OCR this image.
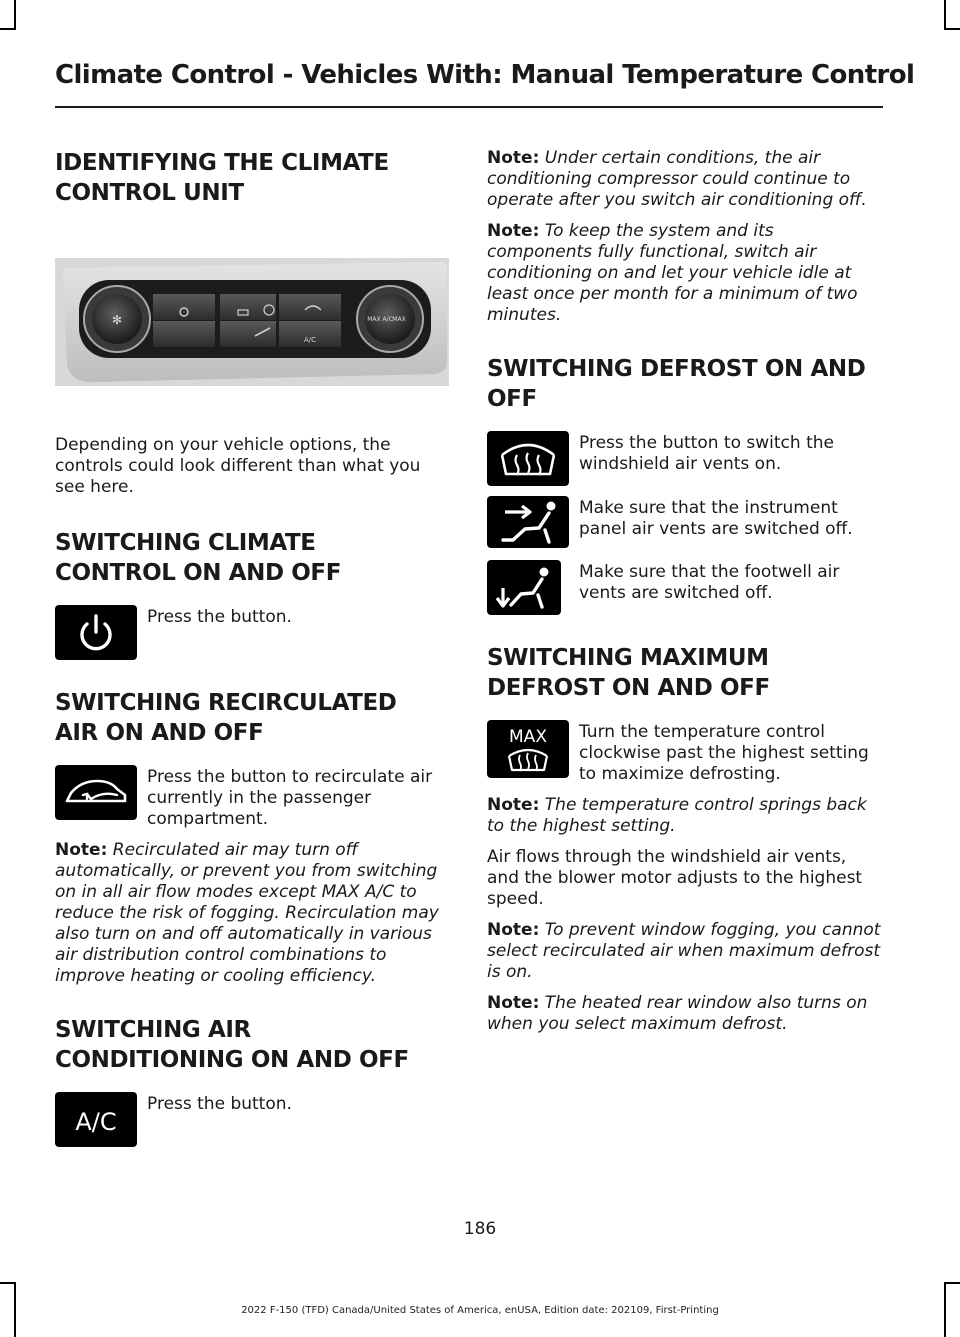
Climate Control - Vehicles With: Manual Temperature Control
IDENTIFYING THE CLIMATE
CONTROL UNIT
✻
A/C
MAX A/C MAX

Depending on your vehicle options, the controls could look different than what you see here.

SWITCHING CLIMATE
CONTROL ON AND OFF
Press the button.
SWITCHING RECIRCULATED
AIR ON AND OFF
Press the button to recirculate air currently in the passenger compartment.

Note: Recirculated air may turn off automatically, or prevent you from switching on in all air flow modes except MAX A/C to reduce the risk of fogging. Recirculation may also turn on and off automatically in various air distribution control combinations to improve heating or cooling efficiency.

SWITCHING AIR
CONDITIONING ON AND OFF
A/C
Press the button.

Note: Under certain conditions, the air conditioning compressor could continue to operate after you switch air conditioning off.

Note: To keep the system and its components fully functional, switch air conditioning on and let your vehicle idle at least once per month for a minimum of two minutes.

SWITCHING DEFROST ON AND
OFF
Press the button to switch the windshield air vents on.
Make sure that the instrument panel air vents are switched off.
Make sure that the footwell air vents are switched off.
SWITCHING MAXIMUM
DEFROST ON AND OFF
MAX Turn the temperature control clockwise past the highest setting to maximize defrosting.

Note: The temperature control springs back to the highest setting.

Air flows through the windshield air vents, and the blower motor adjusts to the highest speed.

Note: To prevent window fogging, you cannot select recirculated air when maximum defrost is on.

Note: The heated rear window also turns on when you select maximum defrost.

186
2022 F-150 (TFD) Canada/United States of America, enUSA, Edition date: 202109, First-Printing
